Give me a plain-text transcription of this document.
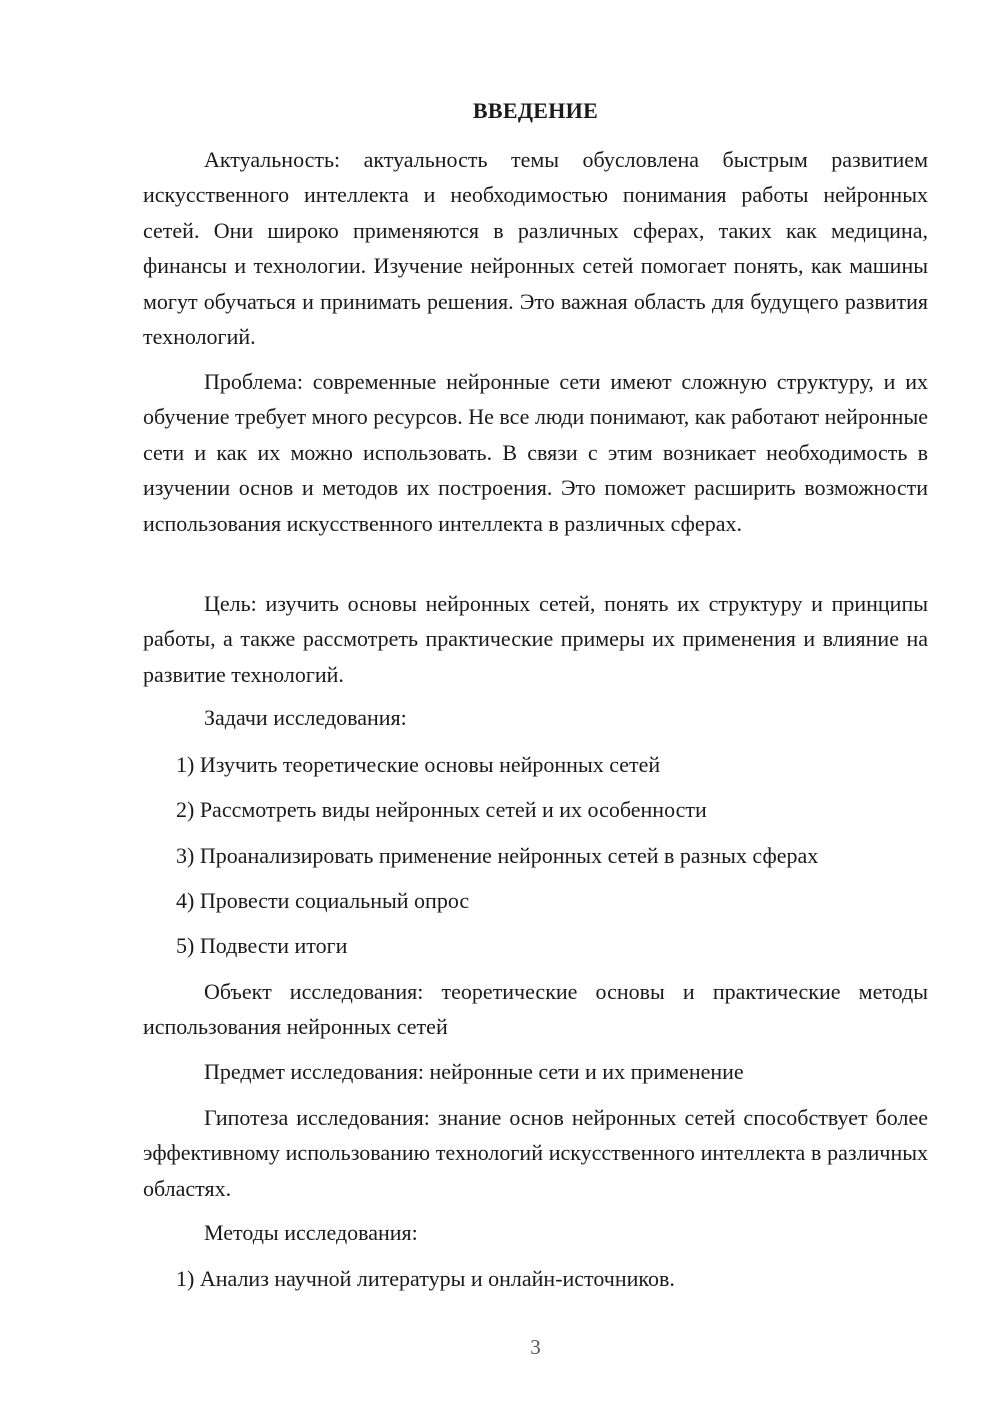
ВВЕДЕНИЕ

Актуальность: актуальность темы обусловлена быстрым развитием искусственного интеллекта и необходимостью понимания работы нейронных сетей. Они широко применяются в различных сферах, таких как медицина, финансы и технологии. Изучение нейронных сетей помогает понять, как машины могут обучаться и принимать решения. Это важная область для будущего развития технологий.

Проблема: современные нейронные сети имеют сложную структуру, и их обучение требует много ресурсов. Не все люди понимают, как работают нейронные сети и как их можно использовать. В связи с этим возникает необходимость в изучении основ и методов их построения. Это поможет расширить возможности использования искусственного интеллекта в различных сферах.

Цель: изучить основы нейронных сетей, понять их структуру и принципы работы, а также рассмотреть практические примеры их применения и влияние на развитие технологий.

Задачи исследования:

1) Изучить теоретические основы нейронных сетей

2) Рассмотреть виды нейронных сетей и их особенности

3) Проанализировать применение нейронных сетей в разных сферах

4) Провести социальный опрос

5) Подвести итоги

Объект исследования: теоретические основы и практические методы использования нейронных сетей

Предмет исследования: нейронные сети и их применение

Гипотеза исследования: знание основ нейронных сетей способствует более эффективному использованию технологий искусственного интеллекта в различных областях.

Методы исследования:

1) Анализ научной литературы и онлайн-источников.

3
